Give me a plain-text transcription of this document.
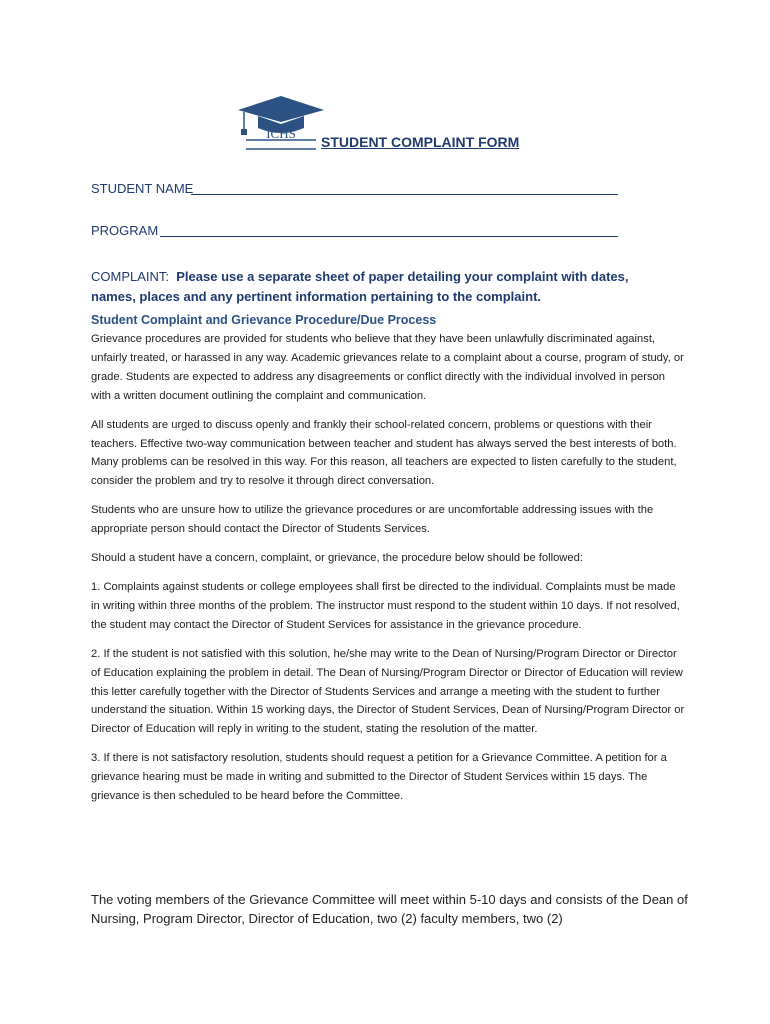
ICHS
STUDENT COMPLAINT FORM
STUDENT NAME
PROGRAM
COMPLAINT: Please use a separate sheet of paper detailing your complaint with dates, names, places and any pertinent information pertaining to the complaint.
Student Complaint and Grievance Procedure/Due Process

Grievance procedures are provided for students who believe that they have been unlawfully discriminated against, unfairly treated, or harassed in any way. Academic grievances relate to a complaint about a course, program of study, or grade. Students are expected to address any disagreements or conflict directly with the individual involved in person with a written document outlining the complaint and communication.

All students are urged to discuss openly and frankly their school-related concern, problems or questions with their teachers. Effective two-way communication between teacher and student has always served the best interests of both. Many problems can be resolved in this way. For this reason, all teachers are expected to listen carefully to the student, consider the problem and try to resolve it through direct conversation.

Students who are unsure how to utilize the grievance procedures or are uncomfortable addressing issues with the appropriate person should contact the Director of Students Services.

Should a student have a concern, complaint, or grievance, the procedure below should be followed:

1. Complaints against students or college employees shall first be directed to the individual. Complaints must be made in writing within three months of the problem. The instructor must respond to the student within 10 days. If not resolved, the student may contact the Director of Student Services for assistance in the grievance procedure.

2. If the student is not satisfied with this solution, he/she may write to the Dean of Nursing/Program Director or Director of Education explaining the problem in detail. The Dean of Nursing/Program Director or Director of Education will review this letter carefully together with the Director of Students Services and arrange a meeting with the student to further understand the situation. Within 15 working days, the Director of Student Services, Dean of Nursing/Program Director or Director of Education will reply in writing to the student, stating the resolution of the matter.

3. If there is not satisfactory resolution, students should request a petition for a Grievance Committee. A petition for a grievance hearing must be made in writing and submitted to the Director of Student Services within 15 days. The grievance is then scheduled to be heard before the Committee.

The voting members of the Grievance Committee will meet within 5-10 days and consists of the Dean of Nursing, Program Director, Director of Education, two (2) faculty members, two (2)
